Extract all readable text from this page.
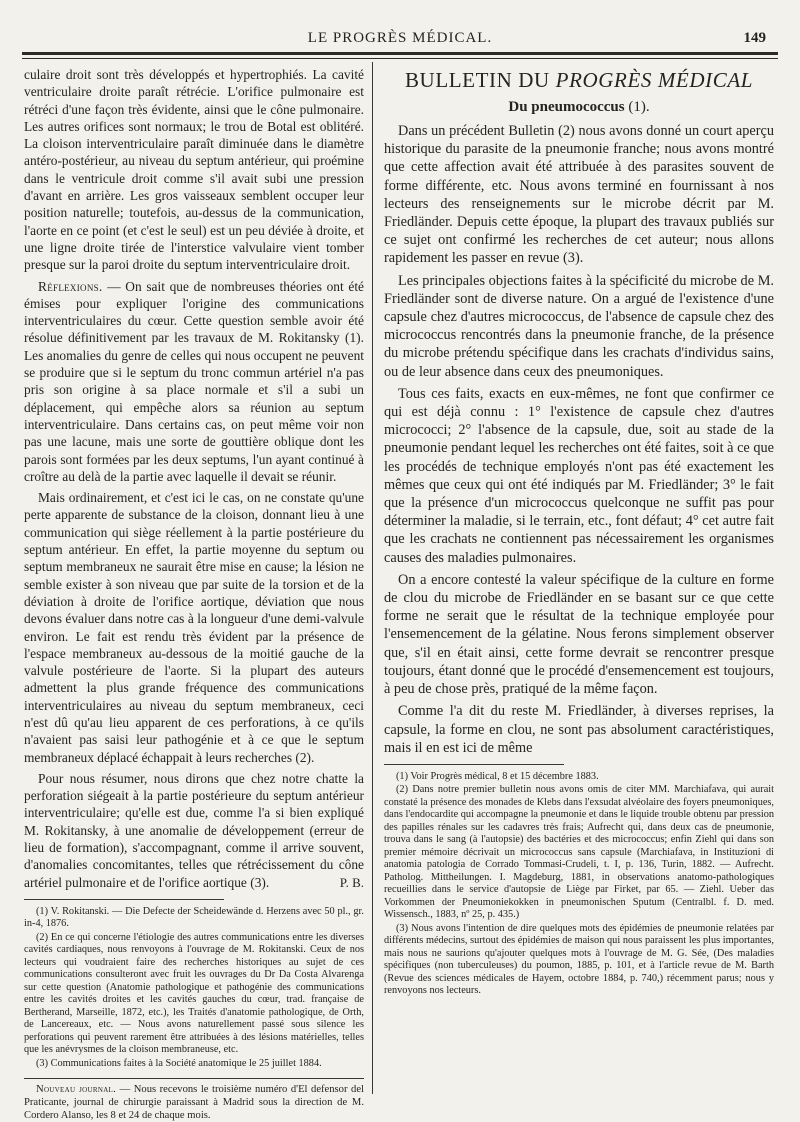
LE PROGRÈS MÉDICAL.	149

culaire droit sont très développés et hypertrophiés. La cavité ventriculaire droite paraît rétrécie. L'orifice pulmonaire est rétréci d'une façon très évidente, ainsi que le cône pulmonaire. Les autres orifices sont normaux; le trou de Botal est oblitéré. La cloison interventriculaire paraît diminuée dans le diamètre antéro-postérieur, au niveau du septum antérieur, qui proémine dans le ventricule droit comme s'il avait subi une pression d'avant en arrière. Les gros vaisseaux semblent occuper leur position naturelle; toutefois, au-dessus de la communication, l'aorte en ce point (et c'est le seul) est un peu déviée à droite, et une ligne droite tirée de l'interstice valvulaire vient tomber presque sur la paroi droite du septum interventriculaire droit.

Réflexions. — On sait que de nombreuses théories ont été émises pour expliquer l'origine des communications interventriculaires du cœur. Cette question semble avoir été résolue définitivement par les travaux de M. Rokitansky (1). Les anomalies du genre de celles qui nous occupent ne peuvent se produire que si le septum du tronc commun artériel n'a pas pris son origine à sa place normale et s'il a subi un déplacement, qui empêche alors sa réunion au septum interventriculaire. Dans certains cas, on peut même voir non pas une lacune, mais une sorte de gouttière oblique dont les parois sont formées par les deux septums, l'un ayant continué à croître au delà de la partie avec laquelle il devait se réunir.

Mais ordinairement, et c'est ici le cas, on ne constate qu'une perte apparente de substance de la cloison, donnant lieu à une communication qui siège réellement à la partie postérieure du septum antérieur. En effet, la partie moyenne du septum ou septum membraneux ne saurait être mise en cause; la lésion ne semble exister à son niveau que par suite de la torsion et de la déviation à droite de l'orifice aortique, déviation que nous devons évaluer dans notre cas à la longueur d'une demi-valvule environ. Le fait est rendu très évident par la présence de l'espace membraneux au-dessous de la moitié gauche de la valvule postérieure de l'aorte. Si la plupart des auteurs admettent la plus grande fréquence des communications interventriculaires au niveau du septum membraneux, ceci n'est dû qu'au lieu apparent de ces perforations, à ce qu'ils n'avaient pas saisi leur pathogénie et à ce que le septum membraneux déplacé échappait à leurs recherches (2).

Pour nous résumer, nous dirons que chez notre chatte la perforation siégeait à la partie postérieure du septum antérieur interventriculaire; qu'elle est due, comme l'a si bien expliqué M. Rokitansky, à une anomalie de développement (erreur de lieu de formation), s'accompagnant, comme il arrive souvent, d'anomalies concomitantes, telles que rétrécissement du cône artériel pulmonaire et de l'orifice aortique (3).	P. B.

(1) V. Rokitanski. — Die Defecte der Scheidewände d. Herzens avec 50 pl., gr. in-4, 1876.

(2) En ce qui concerne l'étiologie des autres communications entre les diverses cavités cardiaques, nous renvoyons à l'ouvrage de M. Rokitanski. Ceux de nos lecteurs qui voudraient faire des recherches historiques au sujet de ces communications consulteront avec fruit les ouvrages du Dr Da Costa Alvarenga sur cette question (Anatomie pathologique et pathogénie des communications entre les cavités droites et les cavités gauches du cœur, trad. française de Bertherand, Marseille, 1872, etc.), les Traités d'anatomie pathologique, de Orth, de Lancereaux, etc. — Nous avons naturellement passé sous silence les perforations qui peuvent rarement être attribuées à des lésions matérielles, telles que les anévrysmes de la cloison membraneuse, etc.

(3) Communications faites à la Société anatomique le 25 juillet 1884.

Nouveau journal. — Nous recevons le troisième numéro d'El defensor del Praticante, journal de chirurgie paraissant à Madrid sous la direction de M. Cordero Alanso, les 8 et 24 de chaque mois.

BULLETIN DU PROGRÈS MÉDICAL
Du pneumococcus (1).

Dans un précédent Bulletin (2) nous avons donné un court aperçu historique du parasite de la pneumonie franche; nous avons montré que cette affection avait été attribuée à des parasites souvent de forme différente, etc. Nous avons terminé en fournissant à nos lecteurs des renseignements sur le microbe décrit par M. Friedländer. Depuis cette époque, la plupart des travaux publiés sur ce sujet ont confirmé les recherches de cet auteur; nous allons rapidement les passer en revue (3).

Les principales objections faites à la spécificité du microbe de M. Friedländer sont de diverse nature. On a argué de l'existence d'une capsule chez d'autres micrococcus, de l'absence de capsule chez des micrococcus rencontrés dans la pneumonie franche, de la présence du microbe prétendu spécifique dans les crachats d'individus sains, ou de leur absence dans ceux des pneumoniques.

Tous ces faits, exacts en eux-mêmes, ne font que confirmer ce qui est déjà connu : 1° l'existence de capsule chez d'autres micrococci; 2° l'absence de la capsule, due, soit au stade de la pneumonie pendant lequel les recherches ont été faites, soit à ce que les procédés de technique employés n'ont pas été exactement les mêmes que ceux qui ont été indiqués par M. Friedländer; 3° le fait que la présence d'un micrococcus quelconque ne suffit pas pour déterminer la maladie, si le terrain, etc., font défaut; 4° cet autre fait que les crachats ne contiennent pas nécessairement les organismes causes des maladies pulmonaires.

On a encore contesté la valeur spécifique de la culture en forme de clou du microbe de Friedländer en se basant sur ce que cette forme ne serait que le résultat de la technique employée pour l'ensemencement de la gélatine. Nous ferons simplement observer que, s'il en était ainsi, cette forme devrait se rencontrer presque toujours, étant donné que le procédé d'ensemencement est toujours, à peu de chose près, pratiqué de la même façon.

Comme l'a dit du reste M. Friedländer, à diverses reprises, la capsule, la forme en clou, ne sont pas absolument caractéristiques, mais il en est ici de même

(1) Voir Progrès médical, 8 et 15 décembre 1883.

(2) Dans notre premier bulletin nous avons omis de citer MM. Marchiafava, qui aurait constaté la présence des monades de Klebs dans l'exsudat alvéolaire des foyers pneumoniques, dans l'endocardite qui accompagne la pneumonie et dans le liquide trouble obtenu par pression des papilles rénales sur les cadavres très frais; Aufrecht qui, dans deux cas de pneumonie, trouva dans le sang (à l'autopsie) des bactéries et des micrococcus; enfin Ziehl qui dans son premier mémoire décrivait un micrococcus sans capsule (Marchiafava, in Instituzioni di anatomia patologia de Corrado Tommasi-Crudeli, t. I, p. 136, Turin, 1882. — Aufrecht. Patholog. Mittheilungen. I. Magdeburg, 1881, in observations anatomo-pathologiques recueillies dans le service d'autopsie de Liège par Firket, par 65. — Ziehl. Ueber das Vorkommen der Pneumoniekokken in pneumonischen Sputum (Centralbl. f. D. med. Wissensch., 1883, nº 25, p. 435.)

(3) Nous avons l'intention de dire quelques mots des épidémies de pneumonie relatées par différents médecins, surtout des épidémies de maison qui nous paraissent les plus importantes, mais nous ne saurions qu'ajouter quelques mots à l'ouvrage de M. G. Sée, (Des maladies spécifiques (non tuberculeuses) du poumon, 1885, p. 101, et à l'article revue de M. Barth (Revue des sciences médicales de Hayem, octobre 1884, p. 740,) récemment parus; nous y renvoyons nos lecteurs.
